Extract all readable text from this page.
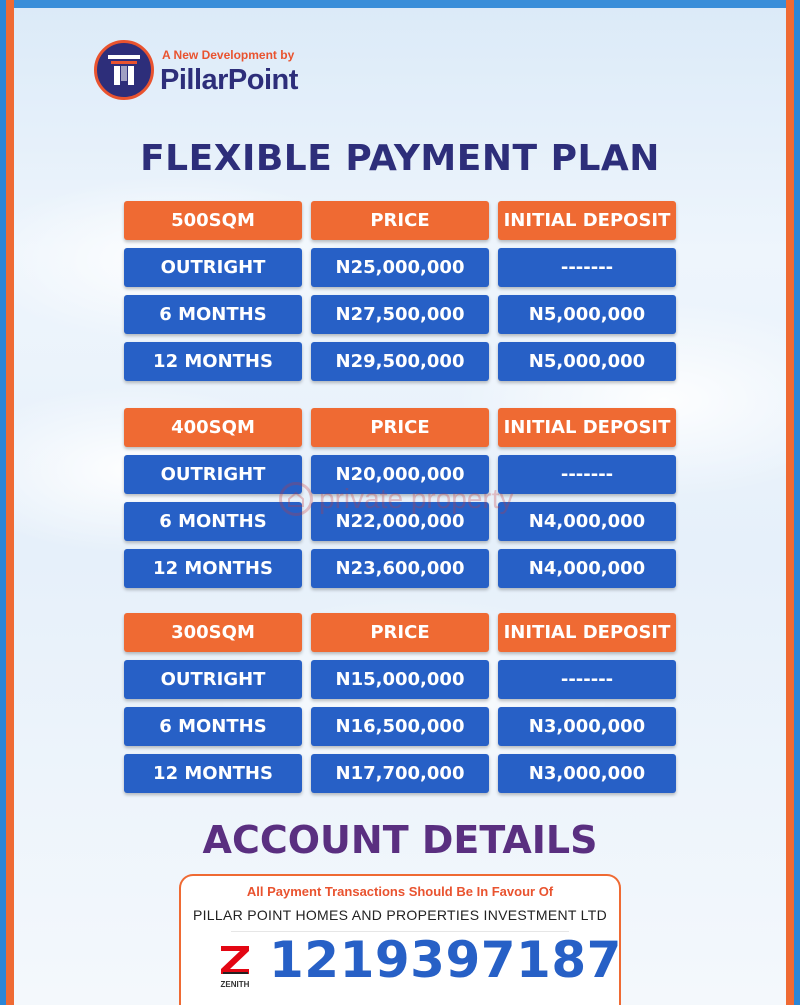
A New Development by
PillarPoint
FLEXIBLE PAYMENT PLAN
500SQM	PRICE	INITIAL DEPOSIT
OUTRIGHT	N25,000,000	-------
6 MONTHS	N27,500,000	N5,000,000
12 MONTHS	N29,500,000	N5,000,000
400SQM	PRICE	INITIAL DEPOSIT
OUTRIGHT	N20,000,000	-------
6 MONTHS	N22,000,000	N4,000,000
12 MONTHS	N23,600,000	N4,000,000
300SQM	PRICE	INITIAL DEPOSIT
OUTRIGHT	N15,000,000	-------
6 MONTHS	N16,500,000	N3,000,000
12 MONTHS	N17,700,000	N3,000,000
private property
ACCOUNT DETAILS
All Payment Transactions Should Be In Favour Of
PILLAR POINT HOMES AND PROPERTIES INVESTMENT LTD
ZENITH 1219397187
